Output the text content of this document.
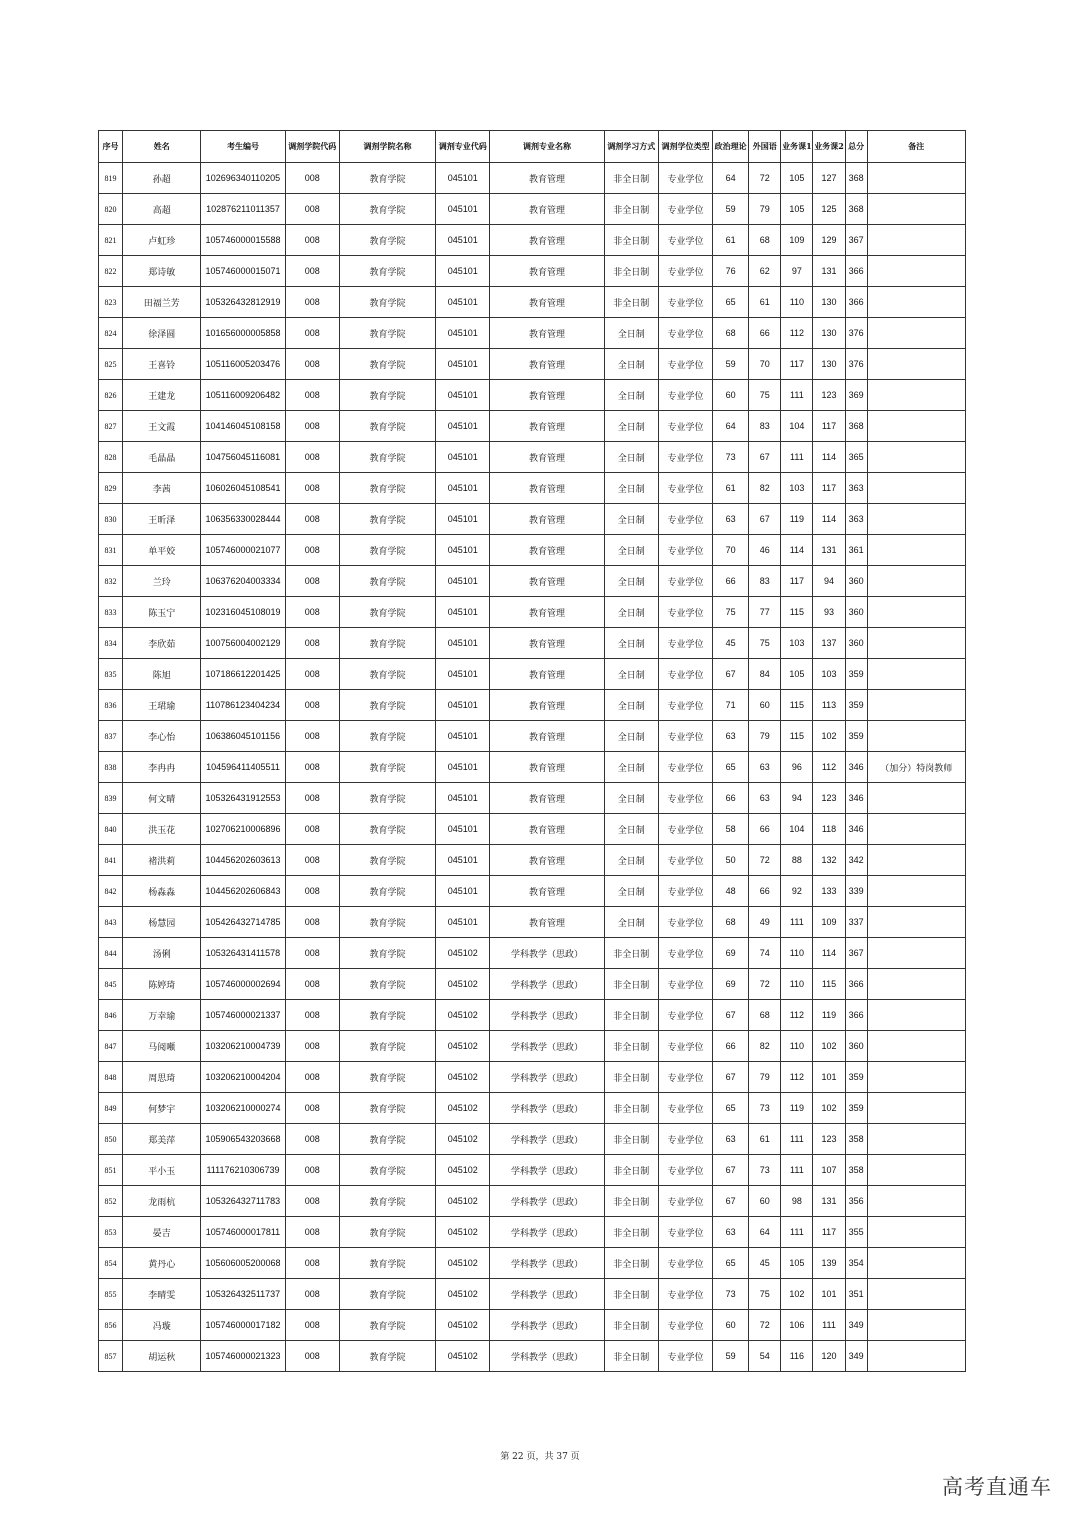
序号	姓名	考生编号	调剂学院代码	调剂学院名称	调剂专业代码	调剂专业名称	调剂学习方式	调剂学位类型	政治理论	外国语	业务课1	业务课2	总分	备注
819	孙超	102696340110205	008	教育学院	045101	教育管理	非全日制	专业学位	64	72	105	127	368	
820	高超	102876211011357	008	教育学院	045101	教育管理	非全日制	专业学位	59	79	105	125	368	
821	卢虹珍	105746000015588	008	教育学院	045101	教育管理	非全日制	专业学位	61	68	109	129	367	
822	郑诗敏	105746000015071	008	教育学院	045101	教育管理	非全日制	专业学位	76	62	97	131	366	
823	田福兰芳	105326432812919	008	教育学院	045101	教育管理	非全日制	专业学位	65	61	110	130	366	
824	徐泽圆	101656000005858	008	教育学院	045101	教育管理	全日制	专业学位	68	66	112	130	376	
825	王喜铃	105116005203476	008	教育学院	045101	教育管理	全日制	专业学位	59	70	117	130	376	
826	王建龙	105116009206482	008	教育学院	045101	教育管理	全日制	专业学位	60	75	111	123	369	
827	王文霞	104146045108158	008	教育学院	045101	教育管理	全日制	专业学位	64	83	104	117	368	
828	毛晶晶	104756045116081	008	教育学院	045101	教育管理	全日制	专业学位	73	67	111	114	365	
829	李茜	106026045108541	008	教育学院	045101	教育管理	全日制	专业学位	61	82	103	117	363	
830	王昕泽	106356330028444	008	教育学院	045101	教育管理	全日制	专业学位	63	67	119	114	363	
831	单平姣	105746000021077	008	教育学院	045101	教育管理	全日制	专业学位	70	46	114	131	361	
832	兰玲	106376204003334	008	教育学院	045101	教育管理	全日制	专业学位	66	83	117	94	360	
833	陈玉宁	102316045108019	008	教育学院	045101	教育管理	全日制	专业学位	75	77	115	93	360	
834	李欣茹	100756004002129	008	教育学院	045101	教育管理	全日制	专业学位	45	75	103	137	360	
835	陈旭	107186612201425	008	教育学院	045101	教育管理	全日制	专业学位	67	84	105	103	359	
836	王珺瑜	110786123404234	008	教育学院	045101	教育管理	全日制	专业学位	71	60	115	113	359	
837	李心怡	106386045101156	008	教育学院	045101	教育管理	全日制	专业学位	63	79	115	102	359	
838	李冉冉	104596411405511	008	教育学院	045101	教育管理	全日制	专业学位	65	63	96	112	346	（加分）特岗教师
839	何文晴	105326431912553	008	教育学院	045101	教育管理	全日制	专业学位	66	63	94	123	346	
840	洪玉花	102706210006896	008	教育学院	045101	教育管理	全日制	专业学位	58	66	104	118	346	
841	褚洪莉	104456202603613	008	教育学院	045101	教育管理	全日制	专业学位	50	72	88	132	342	
842	杨淼淼	104456202606843	008	教育学院	045101	教育管理	全日制	专业学位	48	66	92	133	339	
843	杨慧园	105426432714785	008	教育学院	045101	教育管理	全日制	专业学位	68	49	111	109	337	
844	汤俐	105326431411578	008	教育学院	045102	学科教学（思政）	非全日制	专业学位	69	74	110	114	367	
845	陈婷琦	105746000002694	008	教育学院	045102	学科教学（思政）	非全日制	专业学位	69	72	110	115	366	
846	万幸瑜	105746000021337	008	教育学院	045102	学科教学（思政）	非全日制	专业学位	67	68	112	119	366	
847	马阅噸	103206210004739	008	教育学院	045102	学科教学（思政）	非全日制	专业学位	66	82	110	102	360	
848	周思琦	103206210004204	008	教育学院	045102	学科教学（思政）	非全日制	专业学位	67	79	112	101	359	
849	何梦宇	103206210000274	008	教育学院	045102	学科教学（思政）	非全日制	专业学位	65	73	119	102	359	
850	郑美萍	105906543203668	008	教育学院	045102	学科教学（思政）	非全日制	专业学位	63	61	111	123	358	
851	平小玉	111176210306739	008	教育学院	045102	学科教学（思政）	非全日制	专业学位	67	73	111	107	358	
852	龙雨杭	105326432711783	008	教育学院	045102	学科教学（思政）	非全日制	专业学位	67	60	98	131	356	
853	晏吉	105746000017811	008	教育学院	045102	学科教学（思政）	非全日制	专业学位	63	64	111	117	355	
854	黄丹心	105606005200068	008	教育学院	045102	学科教学（思政）	非全日制	专业学位	65	45	105	139	354	
855	李晴雯	105326432511737	008	教育学院	045102	学科教学（思政）	非全日制	专业学位	73	75	102	101	351	
856	冯璇	105746000017182	008	教育学院	045102	学科教学（思政）	非全日制	专业学位	60	72	106	111	349	
857	胡运秋	105746000021323	008	教育学院	045102	学科教学（思政）	非全日制	专业学位	59	54	116	120	349	
第 22 页，共 37 页
高考直通车
